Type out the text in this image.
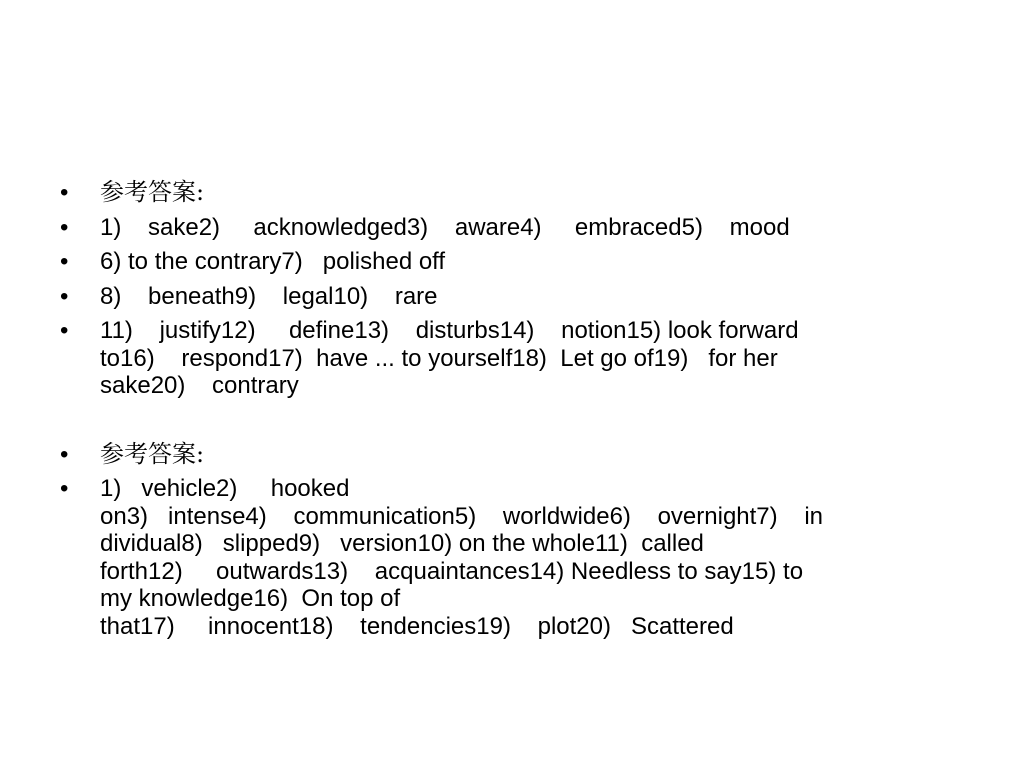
•	参考答案:
•	1)    sake2)     acknowledged3)    aware4)     embraced5)    mood
•	6) to the contrary7)   polished off
•	8)    beneath9)    legal10)    rare
•	11)    justify12)     define13)    disturbs14)    notion15) look forward
to16)    respond17)  have ... to yourself18)  Let go of19)   for her
sake20)    contrary
•	参考答案:
•	1)   vehicle2)     hooked
on3)   intense4)    communication5)    worldwide6)    overnight7)    in
dividual8)   slipped9)   version10) on the whole11)  called
forth12)     outwards13)    acquaintances14) Needless to say15) to
my knowledge16)  On top of
that17)     innocent18)    tendencies19)    plot20)   Scattered
